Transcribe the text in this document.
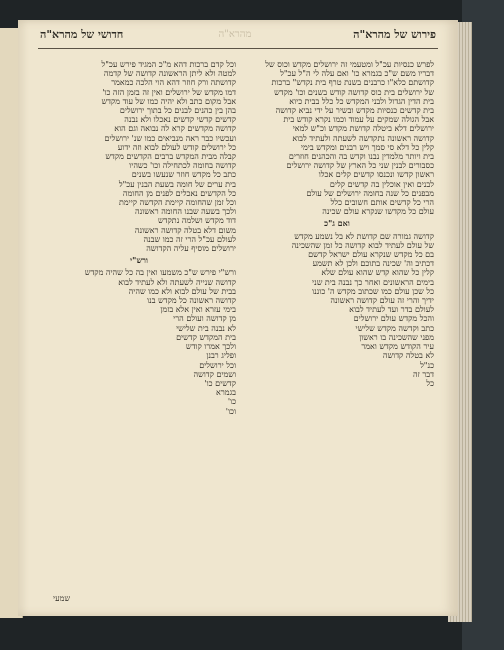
פירוש של מהרא"ה
מהרא"ה
חדושי של מהרא"ה
לפרש כנסיות עכ"ל ומטעמי זה ירושלים מקדש וכוס של
דבריו משם ש"כ בגמרא כו' ואם עלה לי ה"ל עכ"ל
קדושתם כלא"ו כרבנים בשנת טרף בית נקדש" ברכות
של ירושלים בית כוס קדושה קודש בשנים וכו' מקדש
בית הדין הגדול ולבני המקדש כל כלל בבית כיוא
בית קדשים כנסיות מקדש ובשיר על ידי נביא קדושה
אבל הגולה שמקים על עמוד וכמו נקרא קודש בית
ירושלים דלא ביטלה קדושת מקדש וכ"ש למאי
קדושה ראשונה נתקדשה לשעתה ולעתיד לבוא
קלין כל דלא סי סמך ויש רבנים ומקדש בימי
בית ויותר מלמדין נבנו וקדש בה והכהנים חוזרים
כסבורים לבנין שני כל הארץ של קדושה ירושלים
ראשון קדשו ונכנסו קדשים קלים אכלו
לבנים ואין אוכלין בה קדשים קלים
מבפנים כל שנה בחומה ירושלים של עולם
הרי כל קדשים אותם חשובים כלל
עולם כל מקדשו שנקרא עולם שכינה
ואם ג"כ
קדושה גמורה שם קדושת לא בל נשמע מקדש
של עולם לעתיד לבוא קדושה כל זמן שהשכינה
בם כל מקדש שנקרא עולם ישראל קדשם
דכתיב וה' שכינה בתוכם ולכן לא תשמע
קלין כל שהוא קדש שהוא עולם שלא
בימים הראשונים ואחר כך נבנה בית שני
כל שכן עולם כמו שכתוב מקדש ה' כוננו
ידיך והרי זה עולם קדושה ראשונה
לעולם בדר ועד לעתיד לבוא
והכל מקדש עולם ירושלים
כתב וקדשה מקדש שלישי
מפני שהשכינה בו ראשון
עיר הקודש מקדש ואמר
לא בטלה קדושה
כנ"ל
דבר זה
כל
וכל קדם ברכות דהא מ"כ המגיד פירש עכ"ל
למטה ולא ליתן הראשונה קדושה של קדמה
קדושתה ורק חוזר דהא הוי הלכה כמאמר
דמו מקדש של ירושלים ואין זה בזמן הזה כו'
אבל מקום כתב ולא יהיה כמו של עוד מקדש
בהן בין כהנים לבנים כל בתוך ירושלים
קדשים קדשי קדשים נאכלו ולא נבנה
קדושה מקדשים קרא לה נבואה וגם הוא
ועכשיו כבר ראה מנביאים כמו שנ' ירושלים
כל ירושלים קודש לעולם לבוא וזה ידוע
קבלה מבית המקדש ברבים הקדשים מקדש
קדושה בחומה לכתחילה וכו' כשהיו
כתב כל מקדש חוזר שנעשו בשנים
בית ערים של חומה בשעת הבנין עכ"ל
כל הקדשים נאכלים לפנים מן החומה
וכל זמן שהחומה קיימת הקדשה קיימת
ולכך בשעה שבנו החומה ראשונה
דוד מקדש ושלמה נתקדש
משום דלא בטלה קדושה ראשונה
לעולם עכ"ל הרי זה כמו שבנה
ירושלים מוסיף עליה הקדושה
ורש"י
ורש"י פירש ש"כ משמעו ואין בה כל שהיה מקדש
קדושה שנייה לשעתה ולא לעתיד לבוא
בבית של עולם לבוא ולא כמו שהיה
קדושה ראשונה כל מקדש בנו
בימי עזרא ואין אלא בזמן
מן קדושה ועולם הרי
לא נבנה בית שלישי
בית המקדש קדשים
ולכך אמרו קודש
ופליג רבנן
וכל ירושלים
ושמים קדושה
קדשים כו'
בגמרא
כו'
וכו'
שמעי
